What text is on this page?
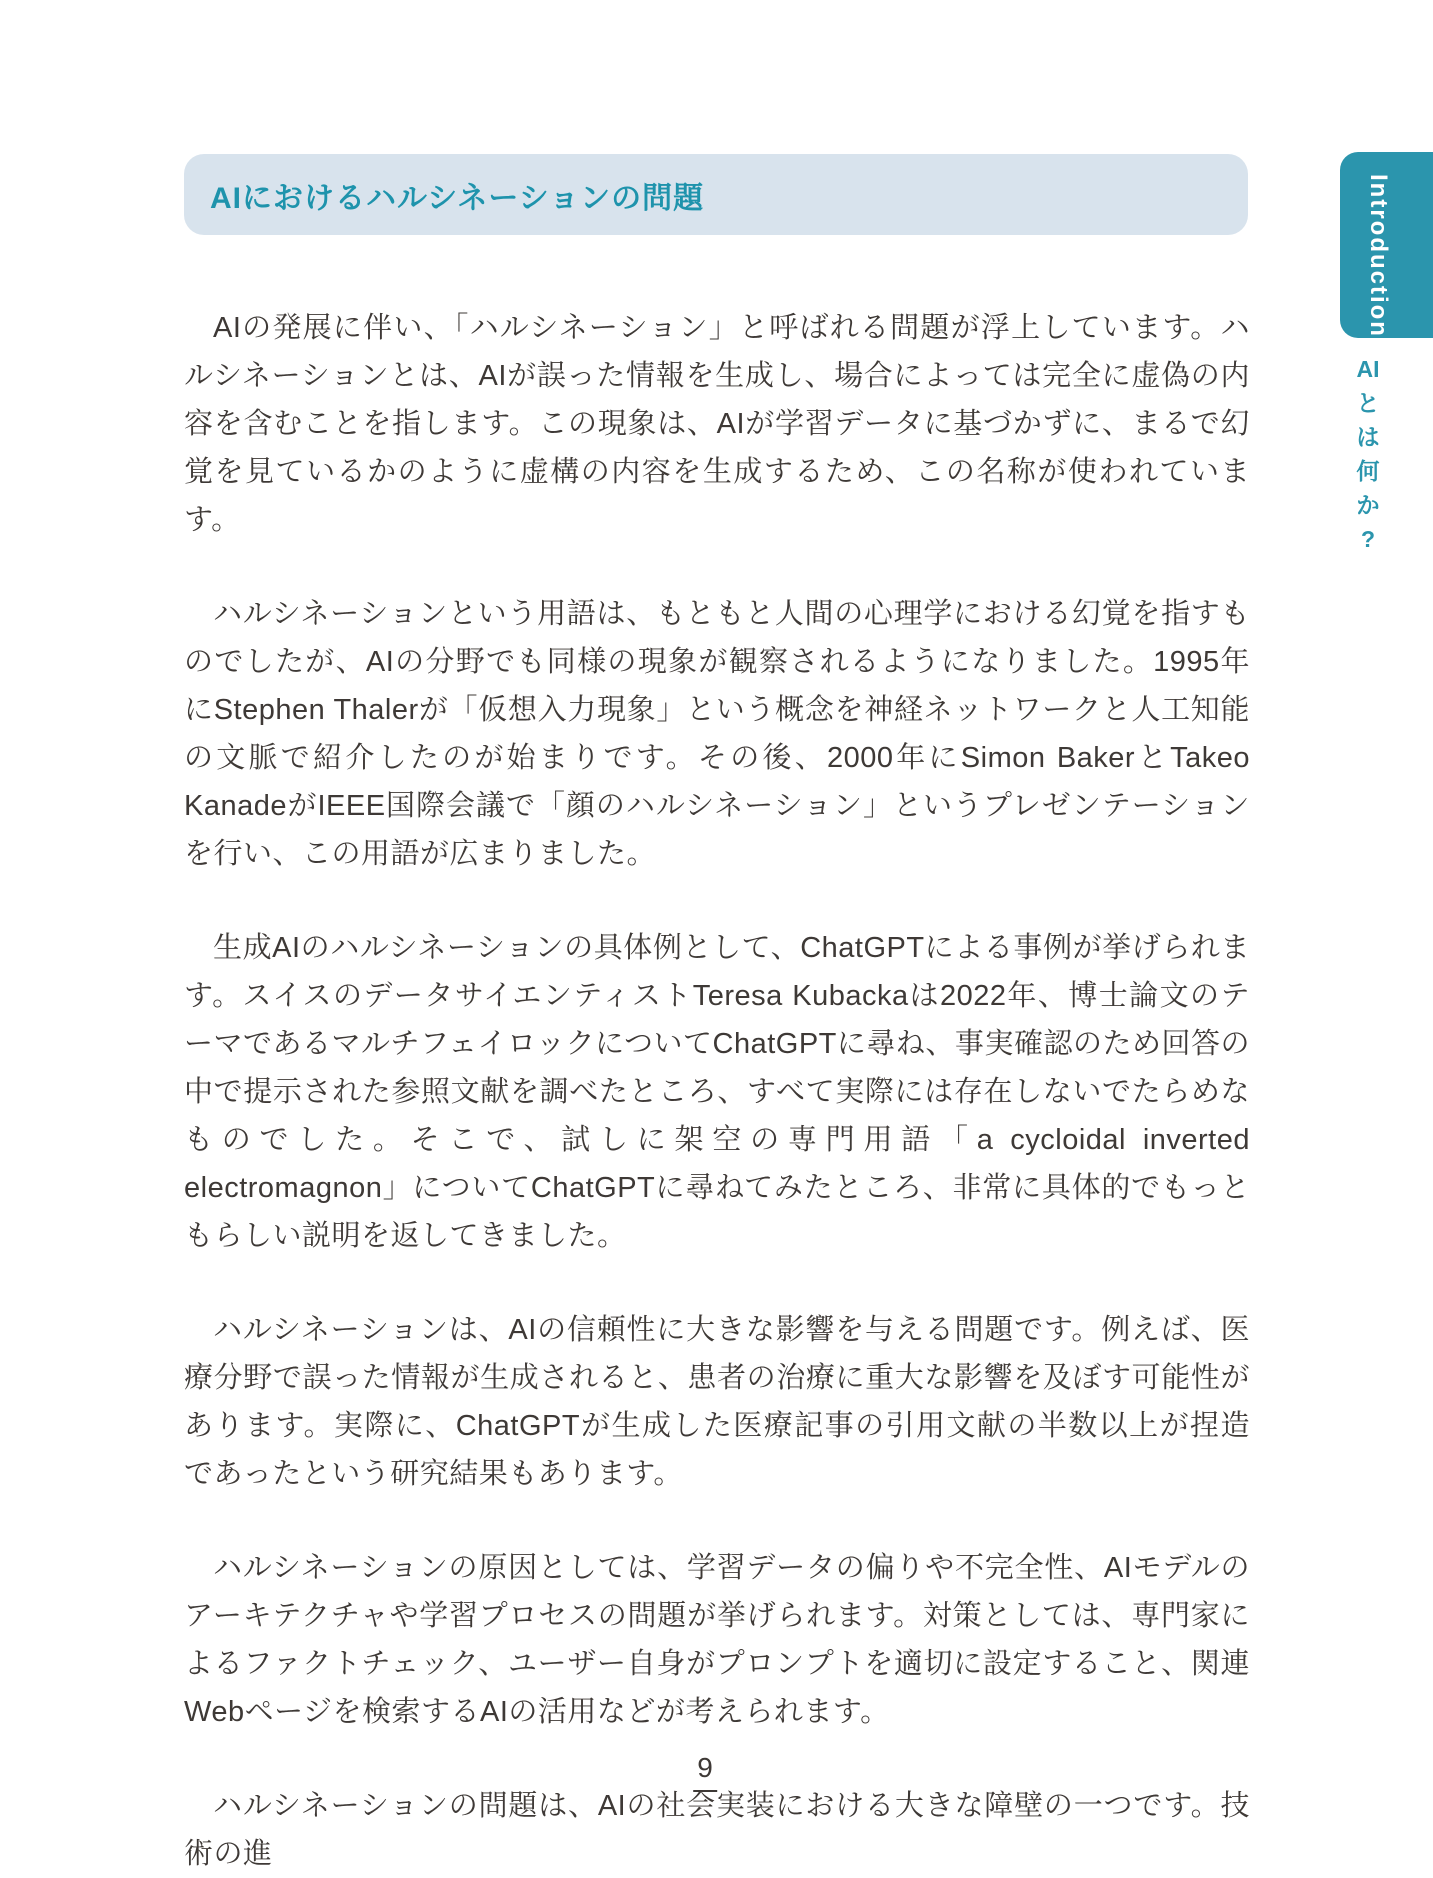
AIにおけるハルシネーションの問題

AIの発展に伴い、「ハルシネーション」と呼ばれる問題が浮上しています。ハルシネーションとは、AIが誤った情報を生成し、場合によっては完全に虚偽の内容を含むことを指します。この現象は、AIが学習データに基づかずに、まるで幻覚を見ているかのように虚構の内容を生成するため、この名称が使われています。

ハルシネーションという用語は、もともと人間の心理学における幻覚を指すものでしたが、AIの分野でも同様の現象が観察されるようになりました。1995年にStephen Thalerが「仮想入力現象」という概念を神経ネットワークと人工知能の文脈で紹介したのが始まりです。その後、2000年にSimon BakerとTakeo KanadeがIEEE国際会議で「顔のハルシネーション」というプレゼンテーションを行い、この用語が広まりました。

生成AIのハルシネーションの具体例として、ChatGPTによる事例が挙げられます。スイスのデータサイエンティストTeresa Kubackaは2022年、博士論文のテーマであるマルチフェイロックについてChatGPTに尋ね、事実確認のため回答の中で提示された参照文献を調べたところ、すべて実際には存在しないでたらめなものでした。そこで、試しに架空の専門用語「a cycloidal inverted electromagnon」についてChatGPTに尋ねてみたところ、非常に具体的でもっともらしい説明を返してきました。

ハルシネーションは、AIの信頼性に大きな影響を与える問題です。例えば、医療分野で誤った情報が生成されると、患者の治療に重大な影響を及ぼす可能性があります。実際に、ChatGPTが生成した医療記事の引用文献の半数以上が捏造であったという研究結果もあります。

ハルシネーションの原因としては、学習データの偏りや不完全性、AIモデルのアーキテクチャや学習プロセスの問題が挙げられます。対策としては、専門家によるファクトチェック、ユーザー自身がプロンプトを適切に設定すること、関連Webページを検索するAIの活用などが考えられます。

ハルシネーションの問題は、AIの社会実装における大きな障壁の一つです。技術の進

Introduction
AI
と
は
何
か
?
9
